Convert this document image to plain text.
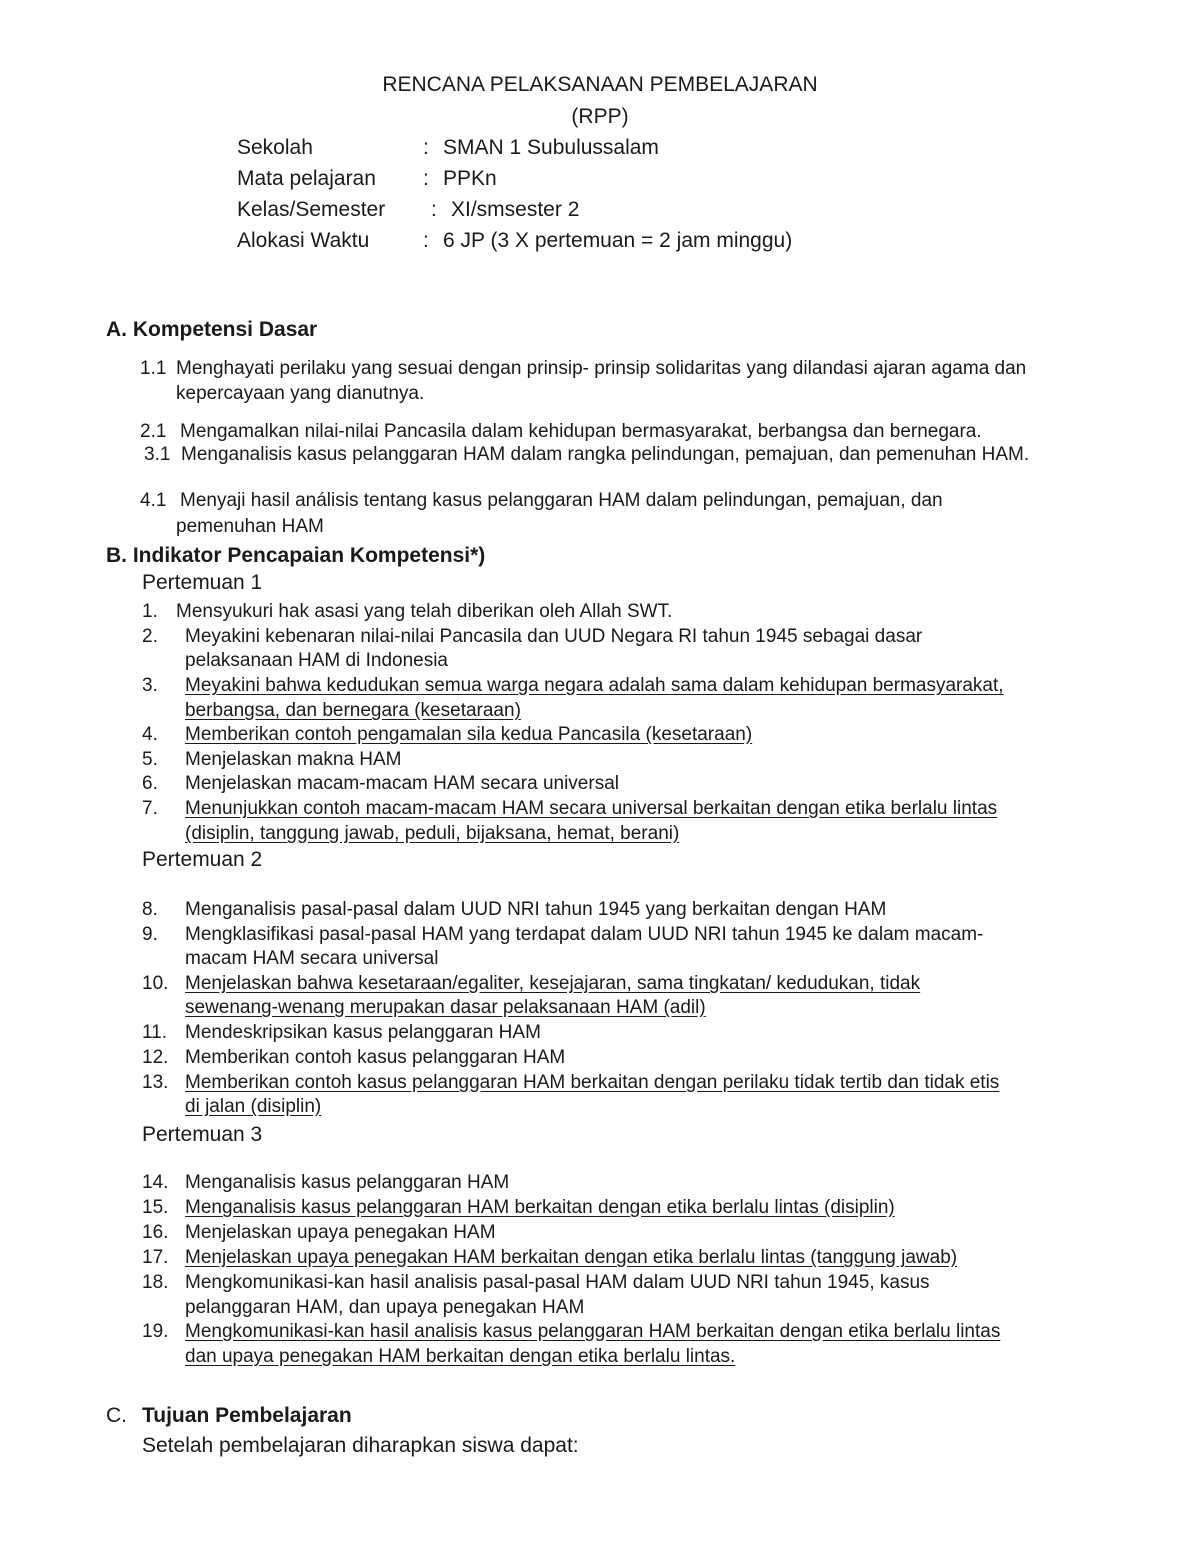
RENCANA PELAKSANAAN PEMBELAJARAN
(RPP)
Sekolah	: SMAN 1 Subulussalam
Mata pelajaran : PPKn
Kelas/Semester : XI/smsester 2
Alokasi Waktu	: 6 JP (3 X pertemuan = 2 jam minggu)
A. Kompetensi Dasar
1.1 Menghayati perilaku yang sesuai dengan prinsip- prinsip solidaritas yang dilandasi ajaran agama dan
kepercayaan yang dianutnya.
2.1 Mengamalkan nilai-nilai Pancasila dalam kehidupan bermasyarakat, berbangsa dan bernegara.
3.1 Menganalisis kasus pelanggaran HAM dalam rangka pelindungan, pemajuan, dan pemenuhan HAM.
4.1 Menyaji hasil análisis tentang kasus pelanggaran HAM dalam pelindungan, pemajuan, dan
pemenuhan HAM
B. Indikator Pencapaian Kompetensi*)
Pertemuan 1
1. Mensyukuri hak asasi yang telah diberikan oleh Allah SWT.
2. Meyakini kebenaran nilai-nilai Pancasila dan UUD Negara RI tahun 1945 sebagai dasar
pelaksanaan HAM di Indonesia
3. Meyakini bahwa kedudukan semua warga negara adalah sama dalam kehidupan bermasyarakat,
berbangsa, dan bernegara (kesetaraan)
4. Memberikan contoh pengamalan sila kedua Pancasila (kesetaraan)
5. Menjelaskan makna HAM
6. Menjelaskan macam-macam HAM secara universal
7. Menunjukkan contoh macam-macam HAM secara universal berkaitan dengan etika berlalu lintas
(disiplin, tanggung jawab, peduli, bijaksana, hemat, berani)
Pertemuan 2
8. Menganalisis pasal-pasal dalam UUD NRI tahun 1945 yang berkaitan dengan HAM
9. Mengklasifikasi pasal-pasal HAM yang terdapat dalam UUD NRI tahun 1945 ke dalam macam-
macam HAM secara universal
10. Menjelaskan bahwa kesetaraan/egaliter, kesejajaran, sama tingkatan/ kedudukan, tidak
sewenang-wenang merupakan dasar pelaksanaan HAM (adil)
11. Mendeskripsikan kasus pelanggaran HAM
12. Memberikan contoh kasus pelanggaran HAM
13. Memberikan contoh kasus pelanggaran HAM berkaitan dengan perilaku tidak tertib dan tidak etis
di jalan (disiplin)
Pertemuan 3
14. Menganalisis kasus pelanggaran HAM
15. Menganalisis kasus pelanggaran HAM berkaitan dengan etika berlalu lintas (disiplin)
16. Menjelaskan upaya penegakan HAM
17. Menjelaskan upaya penegakan HAM berkaitan dengan etika berlalu lintas (tanggung jawab)
18. Mengkomunikasi-kan hasil analisis pasal-pasal HAM dalam UUD NRI tahun 1945, kasus
pelanggaran HAM, dan upaya penegakan HAM
19. Mengkomunikasi-kan hasil analisis kasus pelanggaran HAM berkaitan dengan etika berlalu lintas
dan upaya penegakan HAM berkaitan dengan etika berlalu lintas.
C. Tujuan Pembelajaran
Setelah pembelajaran diharapkan siswa dapat:
